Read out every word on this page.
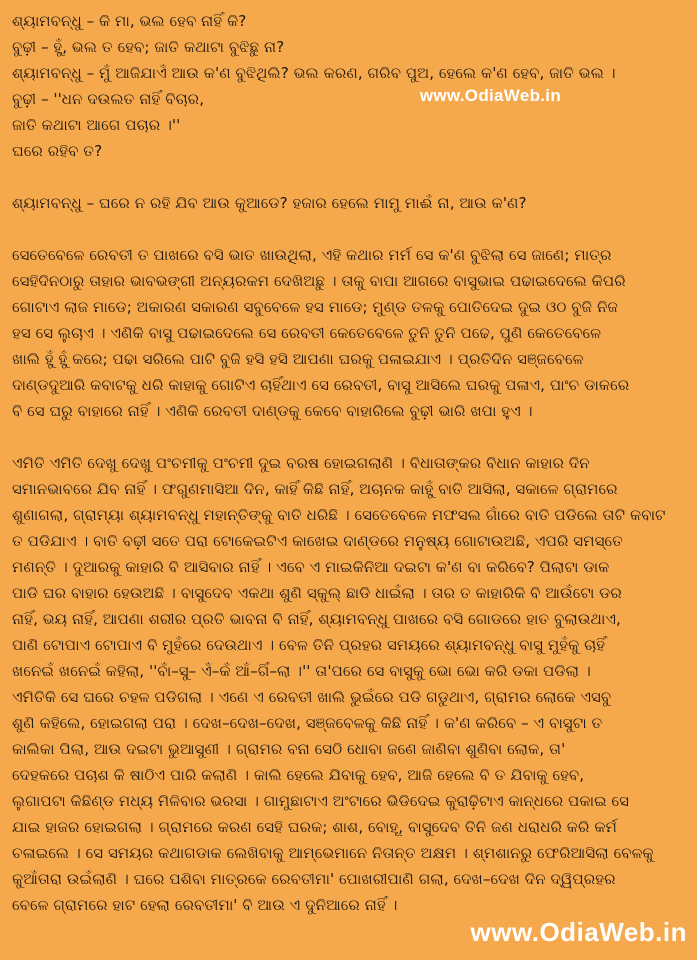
ଶ୍ୟାମବନ୍ଧୁ – କି ମା, ଭଲ ହେବ ନାହିଁ କି?
ବୁଢ଼ୀ – ହୁଁ, ଭଲ ତ ହେବ; ଜାତି କଥାଟା ବୁଝିଛୁ ନା?
ଶ୍ୟାମବନ୍ଧୁ – ମୁଁ ଆଜିଯାଏଁ ଆଉ କ'ଣ ବୁଝିଥିଲି? ଭଲ କରଣ, ଗରିବ ପୁଅ, ହେଲେ କ'ଣ ହେବ, ଜାତି ଭଲ ।
ବୁଢ଼ୀ – ''ଧନ ଦଉଲତ ନାହିଁ ବିଚାର,
ଜାତି କଥାଟା ଆଗେ ପଚାର ।''
ଘରେ ରହିବ ତ?
ଶ୍ୟାମବନ୍ଧୁ – ଘରେ ନ ରହି ଯିବ ଆଉ କୁଆଡେ? ହଜାର ହେଲେ ମାମୁ ମାଈଁ ନା, ଆଉ କ'ଣ?
ସେତେବେଳେ ରେବତୀ ତ ପାଖରେ ବସି ଭାତ ଖାଉଥିଲା, ଏହି କଥାର ମର୍ମ ସେ କ'ଣ ବୁଝିଲା ସେ ଜାଣେ; ମାତ୍ର
ସେହିଦିନଠାରୁ ତାହାର ଭାବଭଙ୍ଗୀ ଅନ୍ୟରକମ ଦେଖିଅଛୁ । ତାକୁ ବାପା ଆଗରେ ବାସୁଭାଇ ପଢାଇଦେଲେ କିପରି
ଗୋଟାଏ ଲାଜ ମାଡେ; ଅକାରଣ ସକାରଣ ସବୁବେଳେ ହସ ମାଡେ; ମୁଣ୍ଡ ତଳକୁ ପୋତିଦେଇ ଦୁଇ ଓଠ ବୁଜି ନିଜ
ହସ ସେ ଲୁଚାଏ । ଏଣିକି ବାସୁ ପଢାଇଦେଲେ ସେ ରେବତୀ କେତେବେଳେ ତୁନି ତୁନି ପଢେ, ପୁଣି କେତେବେଳେ
ଖାଲି ହୁଁ ହୁଁ କରେ; ପଢା ସରିଲେ ପାଟି ବୁଜି ହସି ହସି ଆପଣା ଘରକୁ ପଳାଇଯାଏ । ପ୍ରତିଦିନ ସଞ୍ଜବେଳେ
ଦାଣ୍ଡଦୁଆରି କବାଟକୁ ଧରି କାହାକୁ ଗୋଟିଏ ଚାହିଁଥାଏ ସେ ରେବତୀ, ବାସୁ ଆସିଲେ ଘରକୁ ପଳାଏ, ପାଂଚ ଡାକରେ
ବି ସେ ଘରୁ ବାହାରେ ନାହିଁ । ଏଣିକି ରେବତୀ ଦାଣ୍ଡକୁ କେବେ ବାହାରିଲେ ବୁଢ଼ୀ ଭାରି ଖପା ହୁଏ ।
ଏମିତି ଏମିତି ଦେଖୁ ଦେଖୁ ପଂଚମୀକୁ ପଂଚମୀ ଦୁଇ ବରଷ ହୋଇଗଲାଣି । ବିଧାତାଙ୍କର ବିଧାନ କାହାର ଦିନ
ସମାନଭାବରେ ଯିବ ନାହିଁ । ଫଗୁଣମାସିଆ ଦିନ, କାହିଁ କିଛି ନାହିଁ, ଅଚାନକ କାହୁଁ ବାତି ଆସିଲା, ସକାଳେ ଗ୍ରାମରେ
ଶୁଣାଗଲା, ଗ୍ରାମ୍ୟା ଶ୍ୟାମବନ୍ଧୁ ମହାନ୍ତିଙ୍କୁ ବାତି ଧରିଛି । ସେତେବେଳେ ମଫସଲ ଗାଁରେ ବାତି ପଡିଲେ ତାଟି କବାଟ
ତ ପଡିଯାଏ । ବାତି ବଢ଼ୀ ସତେ ପରା ଟୋକେଇଟିଏ କାଖେଇ ଦାଣ୍ଡରେ ମନୁଷ୍ୟ ଗୋଟାଉଅଛି, ଏପରି ସମସ୍ତେ
ମଣନ୍ତି । ଦୁଆରକୁ କାହାରି ବି ଆସିବାର ନାହିଁ । ଏବେ ଏ ମାଇକିନିଆ ଦଇଟା କ'ଣ ବା କରିବେ? ପିଲାଟା ଡାକ
ପାଡି ଘର ବାହାର ହେଉଅଛି । ବାସୁଦେବ ଏକଥା ଶୁଣି ସ୍କୁଲ୍ ଛାଡି ଧାଇଁଲା । ତାର ତ କାହାରିକି ବି ଆଉଁଟୋ ଡର
ନାହିଁ, ଭୟ ନାହିଁ, ଆପଣା ଶରୀର ପ୍ରତି ଭାବନା ବି ନାହିଁ, ଶ୍ୟାମବନ୍ଧୁ ପାଖରେ ବସି ଗୋଡରେ ହାତ ବୁଲାଉଥାଏ,
ପାଣି ଟୋପାଏ ଟୋପାଏ ବି ମୁହଁରେ ଦେଉଥାଏ । ବେଳ ତିନି ପ୍ରହର ସମୟରେ ଶ୍ୟାମବନ୍ଧୁ ବାସୁ ମୁହଁକୁ ଚାହିଁ
ଖନେଇଁ ଖନେଇଁ କହିଲା, ''ବାଁ–ସୁ– ଏଁ–କଁ ଆଁ–ଗିଁ–ଲା ।'' ତା'ପରେ ସେ ବାସୁକୁ ଭୋ ଭୋ କରି ଡକା ପଡିଲା ।
ଏମିତିକି ସେ ଘରେ ଚହଳ ପଡିଗଲା । ଏଣେ ଏ ରେବତୀ ଖାଲି ଭୁଇଁରେ ପଡି ଗଡୁଥାଏ, ଗ୍ରାମର ଲୋକେ ଏସବୁ
ଶୁଣି କହିଲେ, ହୋଇଗଲା ପରା । ଦେଖ–ଦେଖ–ଦେଖ, ସଞ୍ଜବେଳକୁ କିଛି ନାହିଁ । କ'ଣ କରିବେ – ଏ ବାସୁଟା ତ
କାଲିକା ପିଲା, ଆଉ ଦଇଟା ଭୁଆସୁଣୀ । ଗ୍ରାମର ବନା ସେଠି ଧୋବା ଜଣେ ଜାଣିବା ଶୁଣିବା ଲୋକ, ତା'
ଦେହକରେ ପଚାଶ କି ଷାଠିଏ ପାରି କଲାଣି । କାଲି ହେଲେ ଯିବାକୁ ହେବ, ଆଜି ହେଲେ ବି ତ ଯିବାକୁ ହେବ,
ଲୁଗାପଟା କିଛିଣ୍ଡ ମଧ୍ୟ ମିଳିବାର ଭରସା । ଗାମୁଛାଟାଏ ଅଂଟାରେ ଭିଡିଦେଇ କୁରାଢ଼ିଟାଏ କାନ୍ଧରେ ପକାଇ ସେ
ଯାଇ ହାଜର ହୋଇଗଲା । ଗ୍ରାମରେ କରଣ ସେହି ଘରକ; ଶାଶ, ବୋହୂ, ବାସୁଦେବ ତିନି ଜଣ ଧରାଧରି କରି କର୍ମ
ଚଳାଇଲେ । ସେ ସମୟର କଥାଗଡାକ ଲେଖିବାକୁ ଆମ୍ଭେମାନେ ନିତାନ୍ତ ଅକ୍ଷମ । ଶ୍ମଶାନରୁ ଫେରିଆସିଲା ବେଳକୁ
କୁଆଁତାରା ଉଇଁଲାଣି । ଘରେ ପଶିବା ମାତ୍ରକେ ରେବତୀମା' ପୋଖରୀପାଣି ଗଲା, ଦେଖ–ଦେଖ ଦିନ ଦ୍ୱିପ୍ରହର
ବେଳେ ଗ୍ରାମରେ ହାଟ ହେଲା ରେବତୀମା' ବି ଆଉ ଏ ଦୁନିଆରେ ନାହିଁ ।
www.OdiaWeb.in
www.OdiaWeb.in
